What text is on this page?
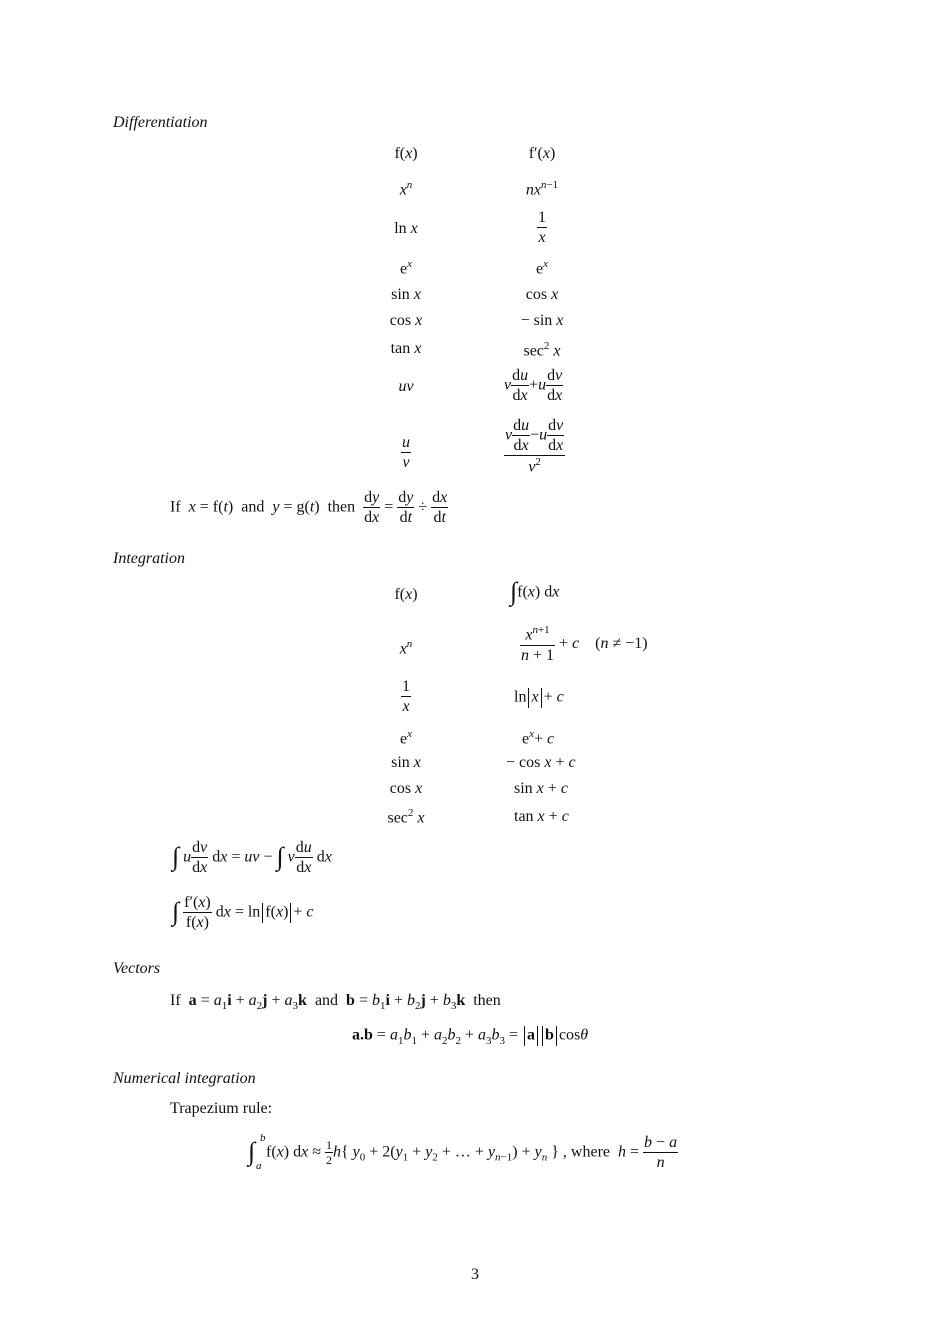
Differentiation
f(x)	f′(x)
$x^n$	$nx^{n-1}$
ln x	$\frac{1}{x}$
$e^x$	$e^x$
sin x	cos x
cos x	− sin x
tan x	$\sec^2 x$
uv	v $\frac{du}{dx} +u \frac{dv}{dx}$
$\frac{u}{v}$	$\frac{v \frac{du}{dx} -u \frac{dv}{dx}}{v^2}$
If x = f(t)  and y = g(t)  then $\frac{dy}{dx} = \frac{dy}{dt} \div \frac{dx}{dt}$
Integration
f(x)	∫f(x) dx
$x^n$	$\frac{x^{n+1}}{n + 1} + c$    (n ≠ −1)
$\frac{1}{x}$	ln x + c
$e^x$	$e^x+ c$
sin x	− cos x + c
cos x	sin x + c
$\sec^2 x$	tan x + c
∫ u $\frac{dv}{dx}$ dx = uv − ∫ v $\frac{du}{dx}$ dx
∫ $\frac{f'(x)}{f(x)}$ dx = ln f(x) + c
Vectors
If $a = a_1i + a_2j + a_3k$ and $b = b_1i + b_2j + b_3k$ then
$a.b = a_1b_1 + a_2b_2 + a_3b_3 = a$ b cosθ
Numerical integration
Trapezium rule:
∫ b
a
f(x) dx ≈ $\frac{1}{2} h${ $y_0 + 2(y_1 + y_2$ + … + $y_{n-1}) + y_n$ } , where $h = \frac{b - a}{n}$
3
